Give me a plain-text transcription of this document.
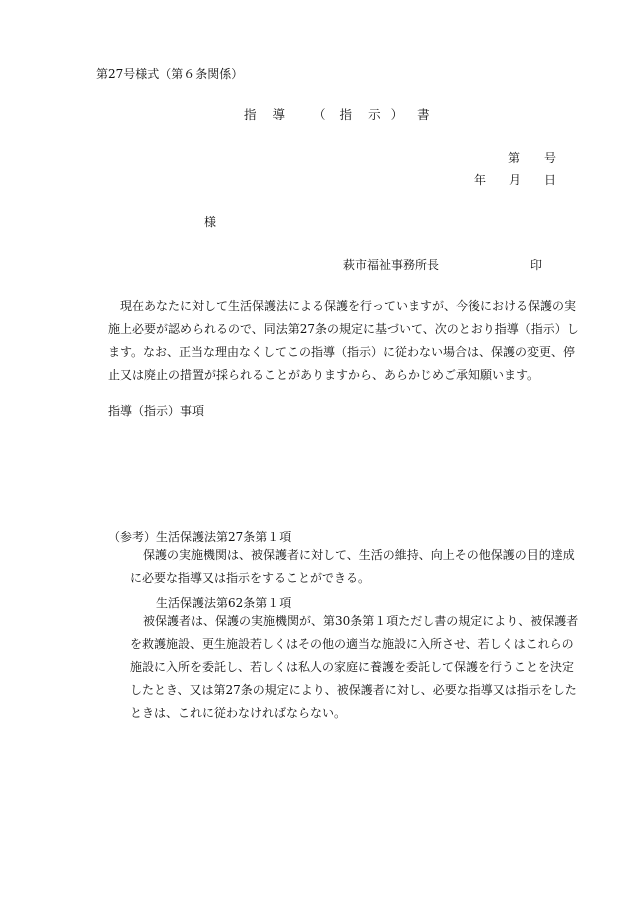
第27号様式（第６条関係）
指 導 （ 指 示 ） 書
第 号
年 月 日
様
萩市福祉事務所長	印
　現在あなたに対して生活保護法による保護を行っていますが、今後における保護の実
施上必要が認められるので、同法第27条の規定に基づいて、次のとおり指導（指示）し
ます。なお、正当な理由なくしてこの指導（指示）に従わない場合は、保護の変更、停
止又は廃止の措置が採られることがありますから、あらかじめご承知願います。
指導（指示）事項
（参考）生活保護法第27条第１項
保護の実施機関は、被保護者に対して、生活の維持、向上その他保護の目的達成
に必要な指導又は指示をすることができる。
生活保護法第62条第１項
被保護者は、保護の実施機関が、第30条第１項ただし書の規定により、被保護者
を救護施設、更生施設若しくはその他の適当な施設に入所させ、若しくはこれらの
施設に入所を委託し、若しくは私人の家庭に養護を委託して保護を行うことを決定
したとき、又は第27条の規定により、被保護者に対し、必要な指導又は指示をした
ときは、これに従わなければならない。
